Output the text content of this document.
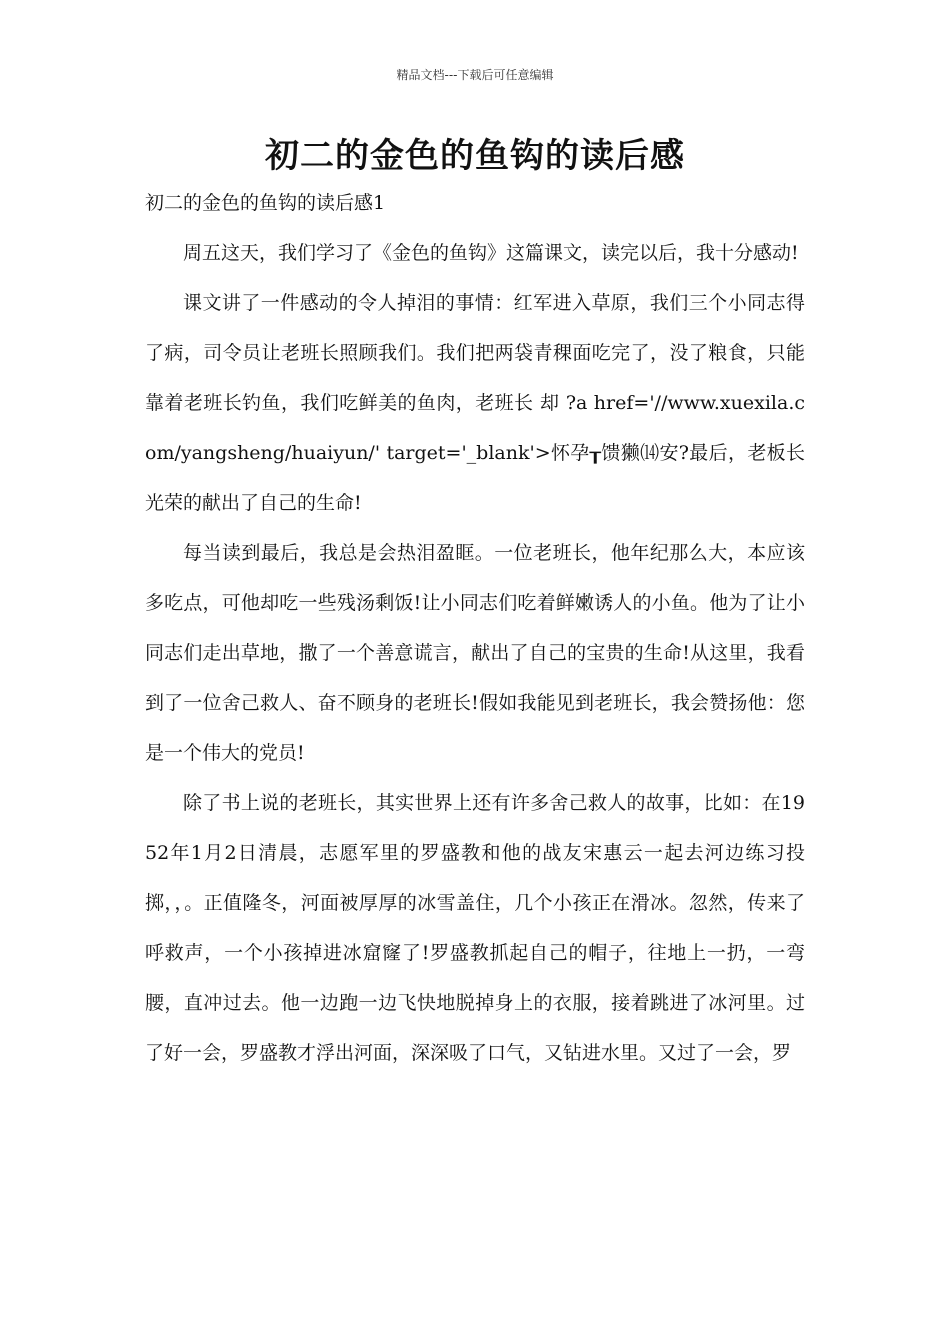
精品文档---下载后可任意编辑
初二的金色的鱼钩的读后感

初二的金色的鱼钩的读后感1

周五这天，我们学习了《金色的鱼钩》这篇课文，读完以后，我十分感动!

课文讲了一件感动的令人掉泪的事情：红军进入草原，我们三个小同志得了病，司令员让老班长照顾我们。我们把两袋青稞面吃完了，没了粮食，只能靠着老班长钓鱼，我们吃鲜美的鱼肉，老班长 却 ?a href='//www.xuexila.com/yangsheng/huaiyun/' target='_blank'>怀孕┰馈獭⒁安?最后，老板长光荣的献出了自己的生命!

每当读到最后，我总是会热泪盈眶。一位老班长，他年纪那么大，本应该多吃点，可他却吃一些残汤剩饭!让小同志们吃着鲜嫩诱人的小鱼。他为了让小同志们走出草地，撒了一个善意谎言，献出了自己的宝贵的生命!从这里，我看到了一位舍己救人、奋不顾身的老班长!假如我能见到老班长，我会赞扬他：您是一个伟大的党员!

除了书上说的老班长，其实世界上还有许多舍己救人的故事，比如：在1952年1月2日清晨，志愿军里的罗盛教和他的战友宋惠云一起去河边练习投掷，，。正值隆冬，河面被厚厚的冰雪盖住，几个小孩正在滑冰。忽然，传来了呼救声，一个小孩掉进冰窟窿了!罗盛教抓起自己的帽子，往地上一扔，一弯腰，直冲过去。他一边跑一边飞快地脱掉身上的衣服，接着跳进了冰河里。过了好一会，罗盛教才浮出河面，深深吸了口气，又钻进水里。又过了一会，罗
